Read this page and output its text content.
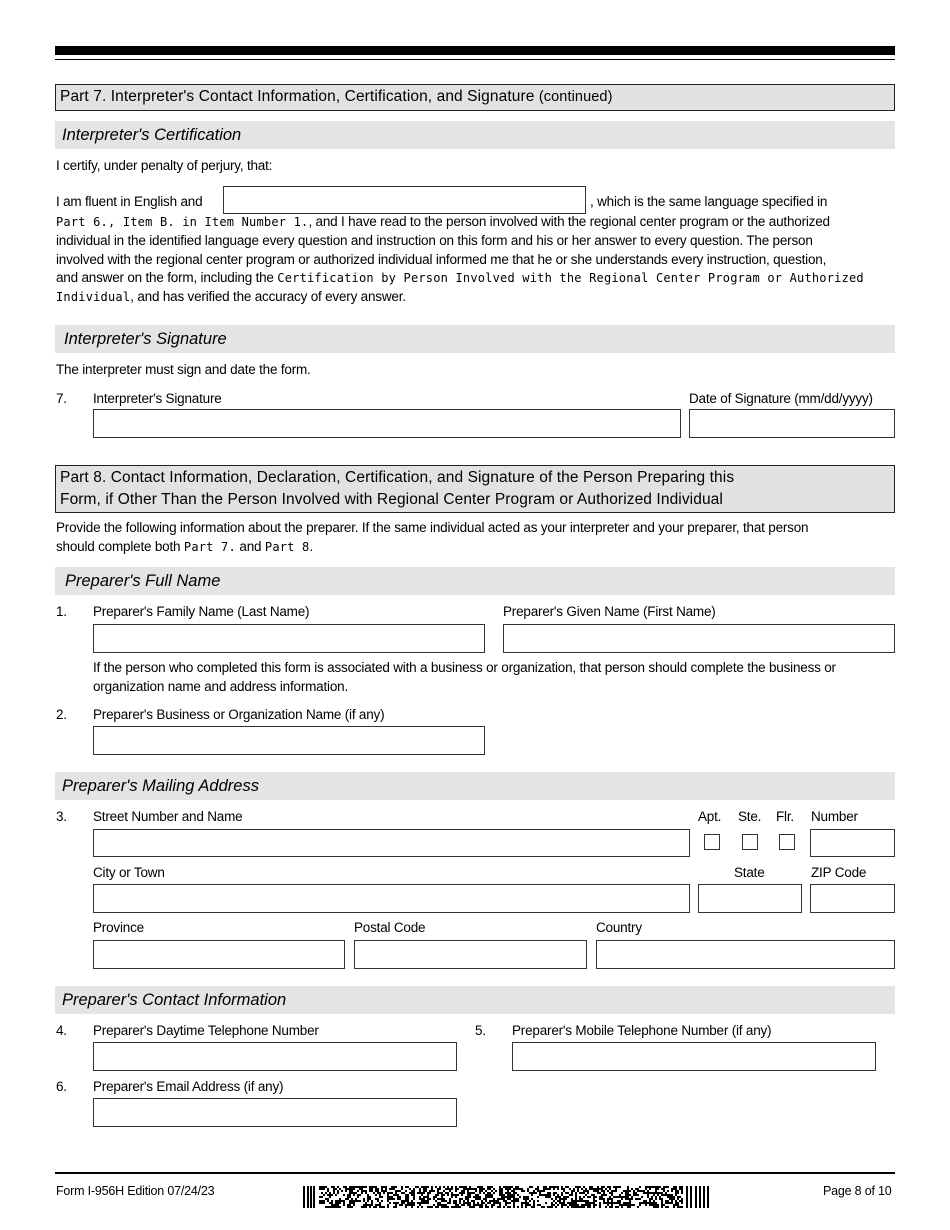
Part 7. Interpreter's Contact Information, Certification, and Signature (continued)
Interpreter's Certification
I certify, under penalty of perjury, that:
I am fluent in English and	, which is the same language specified in
Part 6., Item B. in Item Number 1., and I have read to the person involved with the regional center program or the authorized
individual in the identified language every question and instruction on this form and his or her answer to every question. The person
involved with the regional center program or authorized individual informed me that he or she understands every instruction, question,
and answer on the form, including the Certification by Person Involved with the Regional Center Program or Authorized
Individual, and has verified the accuracy of every answer.
Interpreter's Signature
The interpreter must sign and date the form.
7. Interpreter's Signature	Date of Signature (mm/dd/yyyy)
Part 8. Contact Information, Declaration, Certification, and Signature of the Person Preparing this
Form, if Other Than the Person Involved with Regional Center Program or Authorized Individual
Provide the following information about the preparer. If the same individual acted as your interpreter and your preparer, that person
should complete both Part 7. and Part 8.
Preparer's Full Name
1. Preparer's Family Name (Last Name)	Preparer's Given Name (First Name)
If the person who completed this form is associated with a business or organization, that person should complete the business or
organization name and address information.
2. Preparer's Business or Organization Name (if any)
Preparer's Mailing Address
3. Street Number and Name	Apt. Ste. Flr. Number
City or Town	State	ZIP Code
Province	Postal Code	Country
Preparer's Contact Information
4. Preparer's Daytime Telephone Number	5. Preparer's Mobile Telephone Number (if any)
6. Preparer's Email Address (if any)
Form I-956H Edition 07/24/23	Page 8 of 10
